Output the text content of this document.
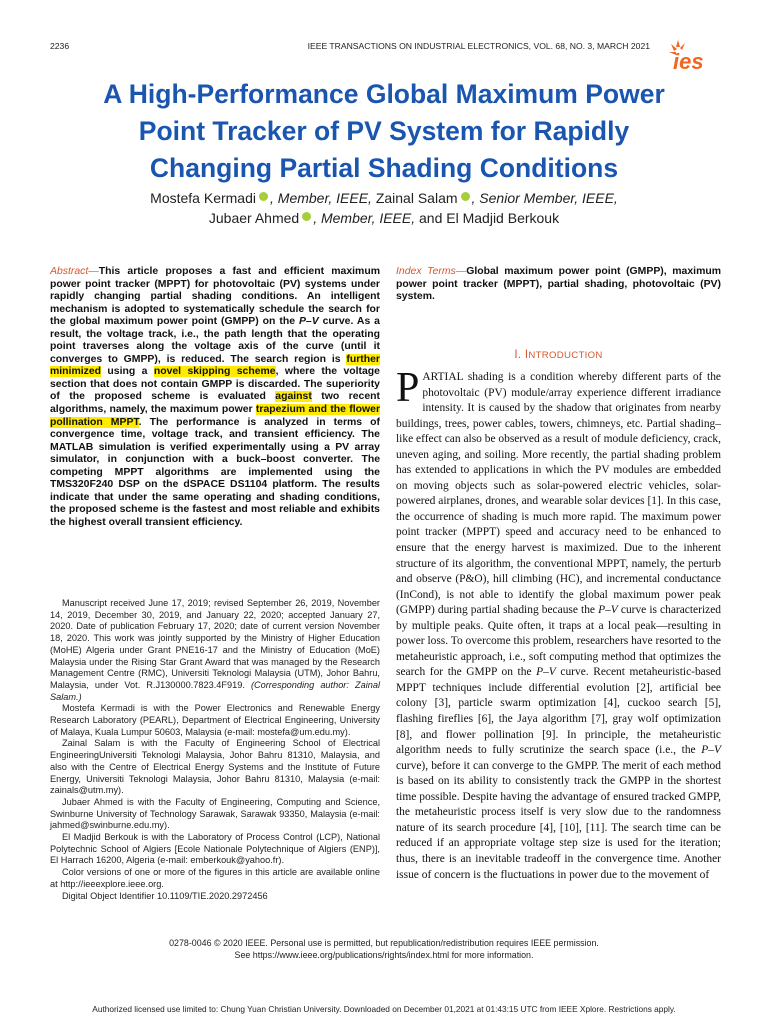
2236	IEEE TRANSACTIONS ON INDUSTRIAL ELECTRONICS, VOL. 68, NO. 3, MARCH 2021
ies
A High-Performance Global Maximum Power
Point Tracker of PV System for Rapidly
Changing Partial Shading Conditions
Mostefa Kermadi , Member, IEEE, Zainal Salam , Senior Member, IEEE,
Jubaer Ahmed , Member, IEEE, and El Madjid Berkouk
Abstract—This article proposes a fast and efficient maximum power point tracker (MPPT) for photovoltaic (PV) systems under rapidly changing partial shading conditions. An intelligent mechanism is adopted to systematically schedule the search for the global maximum power point (GMPP) on the P–V curve. As a result, the voltage track, i.e., the path length that the operating point traverses along the voltage axis of the curve (until it converges to GMPP), is reduced. The search region is further minimized using a novel skipping scheme, where the voltage section that does not contain GMPP is discarded. The superiority of the proposed scheme is evaluated against two recent algorithms, namely, the maximum power trapezium and the flower pollination MPPT. The performance is analyzed in terms of convergence time, voltage track, and transient efficiency. The MATLAB simulation is verified experimentally using a PV array simulator, in conjunction with a buck–boost converter. The competing MPPT algorithms are implemented using the TMS320F240 DSP on the dSPACE DS1104 platform. The results indicate that under the same operating and shading conditions, the proposed scheme is the fastest and most reliable and exhibits the highest overall transient efficiency.
Index Terms—Global maximum power point (GMPP), maximum power point tracker (MPPT), partial shading, photovoltaic (PV) system.
I. INTRODUCTION
PARTIAL shading is a condition whereby different parts of the photovoltaic (PV) module/array experience different irradiance intensity. It is caused by the shadow that originates from nearby buildings, trees, power cables, towers, chimneys, etc. Partial shading–like effect can also be observed as a result of module deficiency, crack, uneven aging, and soiling. More recently, the partial shading problem has extended to applications in which the PV modules are embedded on moving objects such as solar-powered electric vehicles, solar-powered airplanes, drones, and wearable solar devices [1]. In this case, the occurrence of shading is much more rapid. The maximum power point tracker (MPPT) speed and accuracy need to be enhanced to ensure that the energy harvest is maximized. Due to the inherent structure of its algorithm, the conventional MPPT, namely, the perturb and observe (P&O), hill climbing (HC), and incremental conductance (InCond), is not able to identify the global maximum power peak (GMPP) during partial shading because the P–V curve is characterized by multiple peaks. Quite often, it traps at a local peak—resulting in power loss. To overcome this problem, researchers have resorted to the metaheuristic approach, i.e., soft computing method that optimizes the search for the GMPP on the P–V curve. Recent metaheuristic-based MPPT techniques include differential evolution [2], artificial bee colony [3], particle swarm optimization [4], cuckoo search [5], flashing fireflies [6], the Jaya algorithm [7], gray wolf optimization [8], and flower pollination [9]. In principle, the metaheuristic algorithm needs to fully scrutinize the search space (i.e., the P–V curve), before it can converge to the GMPP. The merit of each method is based on its ability to consistently track the GMPP in the shortest time possible. Despite having the advantage of ensured tracked GMPP, the metaheuristic process itself is very slow due to the randomness nature of its search procedure [4], [10], [11]. The search time can be reduced if an appropriate voltage step size is used for the iteration; thus, there is an inevitable tradeoff in the convergence time. Another issue of concern is the fluctuations in power due to the movement of

Manuscript received June 17, 2019; revised September 26, 2019, November 14, 2019, December 30, 2019, and January 22, 2020; accepted January 27, 2020. Date of publication February 17, 2020; date of current version November 18, 2020. This work was jointly supported by the Ministry of Higher Education (MoHE) Algeria under Grant PNE16-17 and the Ministry of Education (MoE) Malaysia under the Rising Star Grant Award that was managed by the Research Management Centre (RMC), Universiti Teknologi Malaysia (UTM), Johor Bahru, Malaysia, under Vot. R.J130000.7823.4F919. (Corresponding author: Zainal Salam.)

Mostefa Kermadi is with the Power Electronics and Renewable Energy Research Laboratory (PEARL), Department of Electrical Engineering, University of Malaya, Kuala Lumpur 50603, Malaysia (e-mail: mostefa@um.edu.my).

Zainal Salam is with the Faculty of Engineering School of Electrical EngineeringUniversiti Teknologi Malaysia, Johor Bahru 81310, Malaysia, and also with the Centre of Electrical Energy Systems and the Institute of Future Energy, Universiti Teknologi Malaysia, Johor Bahru 81310, Malaysia (e-mail: zainals@utm.my).

Jubaer Ahmed is with the Faculty of Engineering, Computing and Science, Swinburne University of Technology Sarawak, Sarawak 93350, Malaysia (e-mail: jahmed@swinburne.edu.my).

El Madjid Berkouk is with the Laboratory of Process Control (LCP), National Polytechnic School of Algiers [Ecole Nationale Polytechnique of Algiers (ENP)], El Harrach 16200, Algeria (e-mail: emberkouk@yahoo.fr).

Color versions of one or more of the figures in this article are available online at http://ieeexplore.ieee.org.

Digital Object Identifier 10.1109/TIE.2020.2972456

0278-0046 © 2020 IEEE. Personal use is permitted, but republication/redistribution requires IEEE permission.
See https://www.ieee.org/publications/rights/index.html for more information.
Authorized licensed use limited to: Chung Yuan Christian University. Downloaded on December 01,2021 at 01:43:15 UTC from IEEE Xplore. Restrictions apply.
